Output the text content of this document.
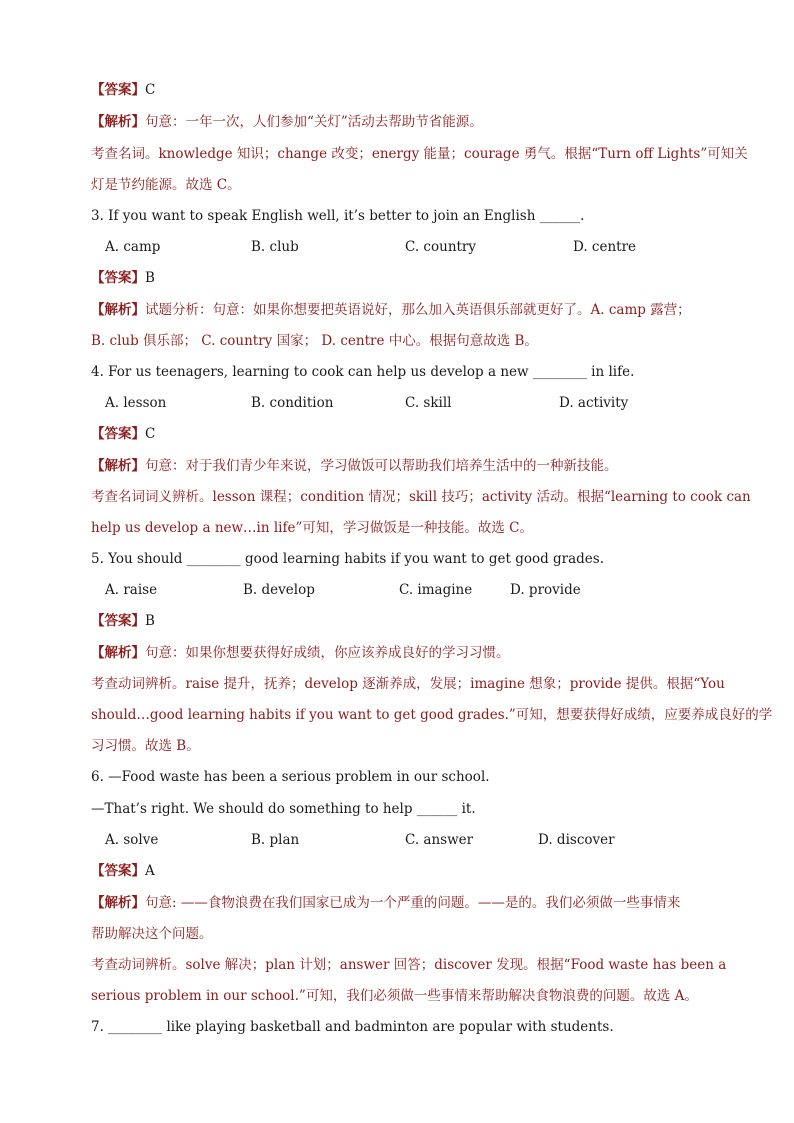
【答案】C
【解析】句意：一年一次，人们参加“关灯”活动去帮助节省能源。
考查名词。knowledge 知识；change 改变；energy 能量；courage 勇气。根据“Turn off Lights”可知关
灯是节约能源。故选 C。
3. If you want to speak English well, it’s better to join an English ______.
【答案】B
【解析】试题分析：句意：如果你想要把英语说好，那么加入英语俱乐部就更好了。A. camp 露营；
B. club 俱乐部； C. country 国家； D. centre 中心。根据句意故选 B。
4. For us teenagers, learning to cook can help us develop a new ________ in life.
【答案】C
【解析】句意：对于我们青少年来说，学习做饭可以帮助我们培养生活中的一种新技能。
考查名词词义辨析。lesson 课程；condition 情况；skill 技巧；activity 活动。根据“learning to cook can
help us develop a new…in life”可知，学习做饭是一种技能。故选 C。
5. You should ________ good learning habits if you want to get good grades.
【答案】B
【解析】句意：如果你想要获得好成绩，你应该养成良好的学习习惯。
考查动词辨析。raise 提升，抚养；develop 逐渐养成，发展；imagine 想象；provide 提供。根据“You
should…good learning habits if you want to get good grades.”可知，想要获得好成绩，应要养成良好的学
习习惯。故选 B。
6. —Food waste has been a serious problem in our school.
—That’s right. We should do something to help ______ it.
【答案】A
【解析】句意: ——食物浪费在我们国家已成为一个严重的问题。——是的。我们必须做一些事情来
帮助解决这个问题。
考查动词辨析。solve 解决；plan 计划；answer 回答；discover 发现。根据“Food waste has been a
serious problem in our school.”可知，我们必须做一些事情来帮助解决食物浪费的问题。故选 A。
7. ________ like playing basketball and badminton are popular with students.
A. camp	B. club	C. country	D. centre
A. lesson	B. condition	C. skill	D. activity
A. raise	B. develop	C. imagine	D. provide
A. solve	B. plan	C. answer	D. discover
